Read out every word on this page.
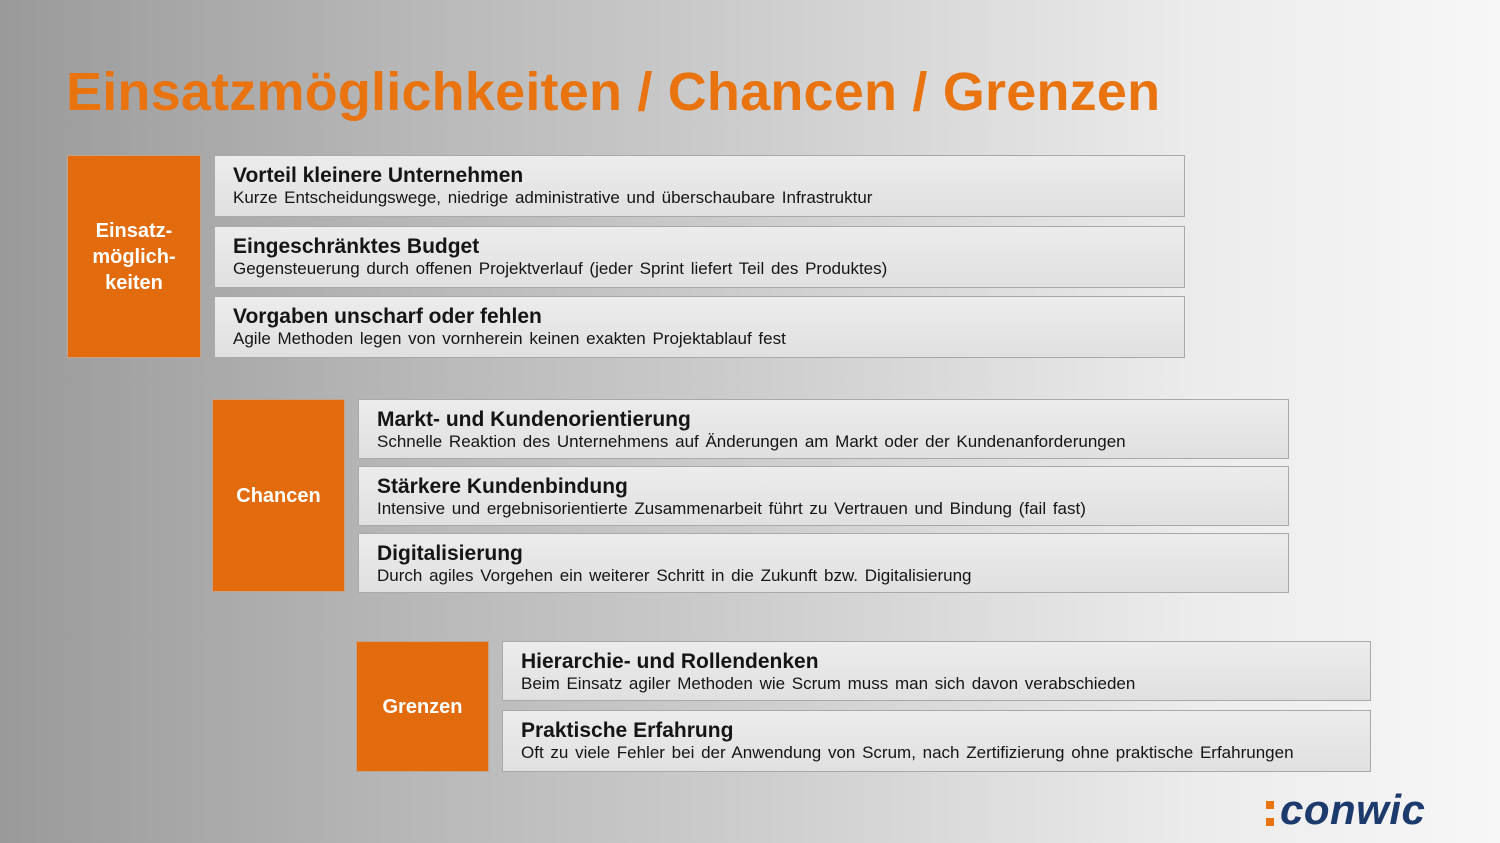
Einsatzmöglichkeiten / Chancen / Grenzen
Einsatz-
möglich-
keiten
Vorteil kleinere Unternehmen
Kurze Entscheidungswege, niedrige administrative und überschaubare Infrastruktur
Eingeschränktes Budget
Gegensteuerung durch offenen Projektverlauf (jeder Sprint liefert Teil des Produktes)
Vorgaben unscharf oder fehlen
Agile Methoden legen von vornherein keinen exakten Projektablauf fest
Chancen
Markt- und Kundenorientierung
Schnelle Reaktion des Unternehmens auf Änderungen am Markt oder der Kundenanforderungen
Stärkere Kundenbindung
Intensive und ergebnisorientierte Zusammenarbeit führt zu Vertrauen und Bindung (fail fast)
Digitalisierung
Durch agiles Vorgehen ein weiterer Schritt in die Zukunft bzw. Digitalisierung
Grenzen
Hierarchie- und Rollendenken
Beim Einsatz agiler Methoden wie Scrum muss man sich davon verabschieden
Praktische Erfahrung
Oft zu viele Fehler bei der Anwendung von Scrum, nach Zertifizierung ohne praktische Erfahrungen
conwic
